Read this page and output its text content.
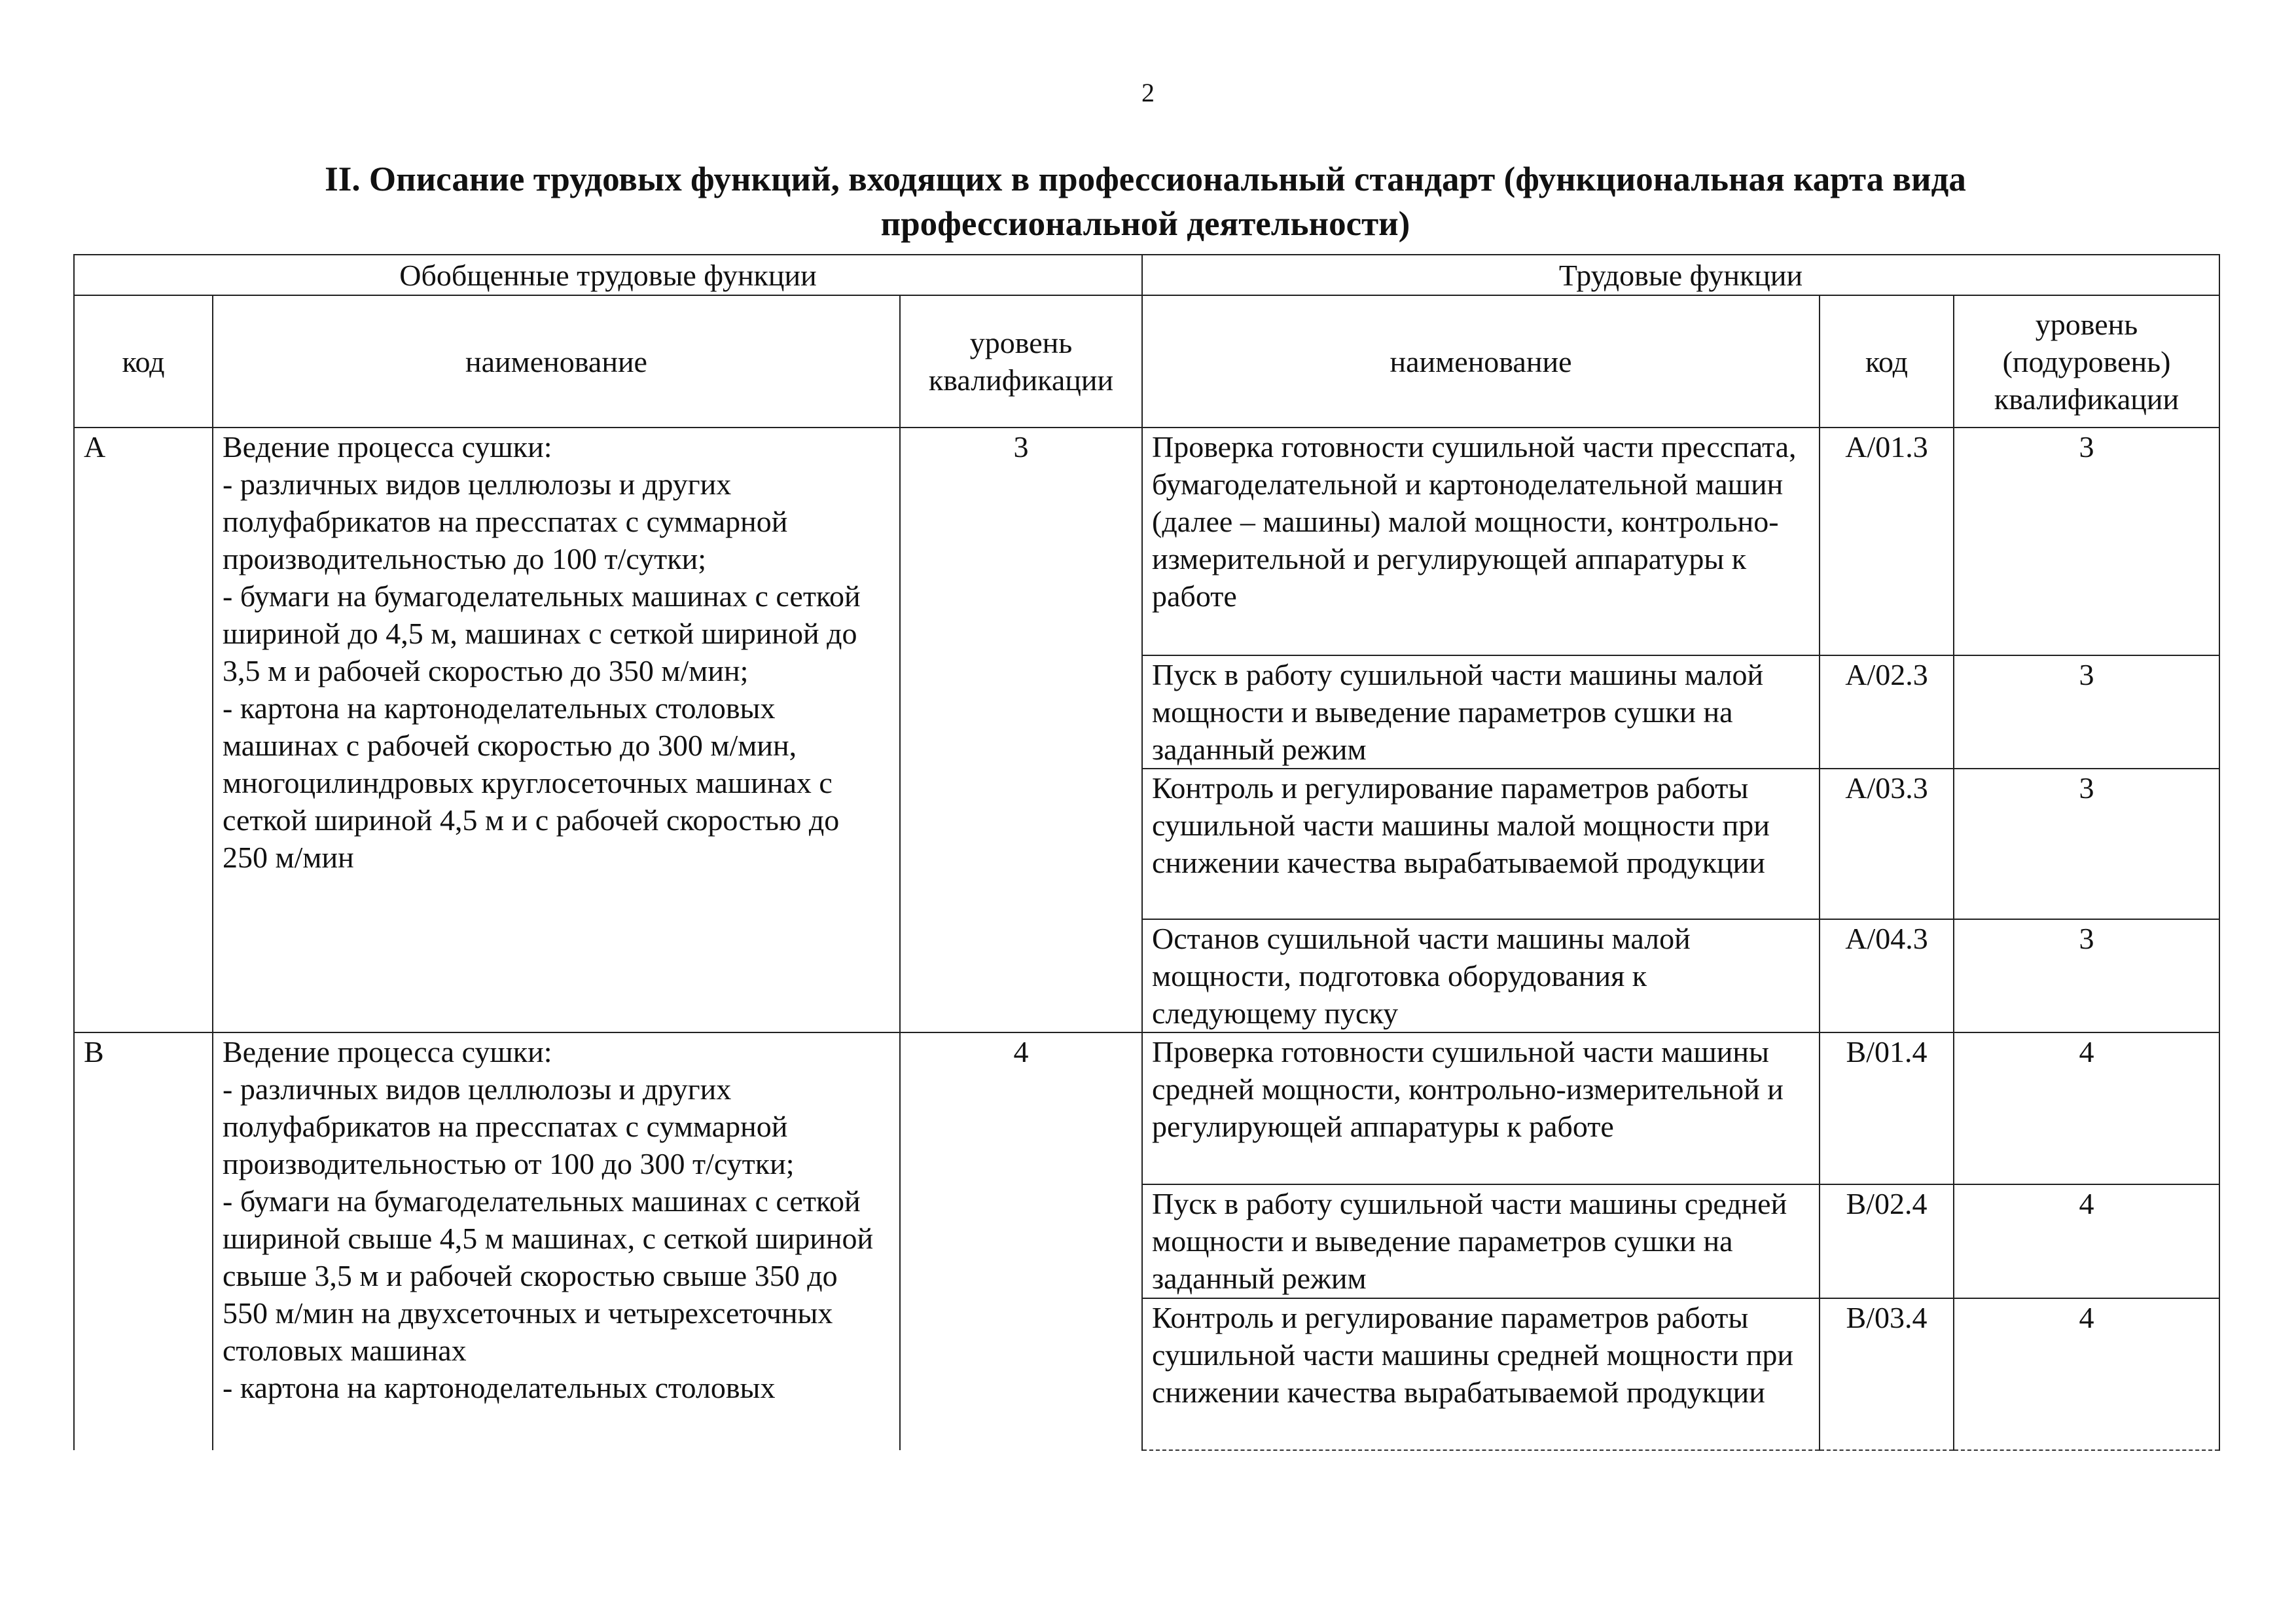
2
II. Описание трудовых функций, входящих в профессиональный стандарт (функциональная карта вида профессиональной деятельности)
Обобщенные трудовые функции			Трудовые функции		
код	наименование	уровень квалификации	наименование	код	уровень (подуровень) квалификации
A	Ведение процесса сушки:
- различных видов целлюлозы и других полуфабрикатов на пресспатах с суммарной производительностью до 100 т/сутки;
- бумаги на бумагоделательных машинах с сеткой шириной до 4,5 м, машинах с сеткой шириной до 3,5 м и рабочей скоростью до 350 м/мин;
- картона на картоноделательных столовых машинах с рабочей скоростью до 300 м/мин, многоцилиндровых круглосеточных машинах с сеткой шириной 4,5 м и с рабочей скоростью до 250 м/мин	3	Проверка готовности сушильной части пресспата, бумагоделательной и картоноделательной машин (далее – машины) малой мощности, контрольно-измерительной и регулирующей аппаратуры к работе	A/01.3	3
			Пуск в работу сушильной части машины малой мощности и выведение параметров сушки на заданный режим	A/02.3	3
			Контроль и регулирование параметров работы сушильной части машины малой мощности при снижении качества вырабатываемой продукции	A/03.3	3
			Останов сушильной части машины малой мощности, подготовка оборудования к следующему пуску	A/04.3	3
B	Ведение процесса сушки:
- различных видов целлюлозы и других полуфабрикатов на пресспатах с суммарной производительностью от 100 до 300 т/сутки;
- бумаги на бумагоделательных машинах с сеткой шириной свыше 4,5 м машинах, с сеткой шириной свыше 3,5 м и рабочей скоростью свыше 350 до 550 м/мин на двухсеточных и четырехсеточных столовых машинах
- картона на картоноделательных столовых	4	Проверка готовности сушильной части машины средней мощности, контрольно-измерительной и регулирующей аппаратуры к работе	B/01.4	4
			Пуск в работу сушильной части машины средней мощности и выведение параметров сушки на заданный режим	B/02.4	4
			Контроль и регулирование параметров работы сушильной части машины средней мощности при снижении качества вырабатываемой продукции	B/03.4	4
